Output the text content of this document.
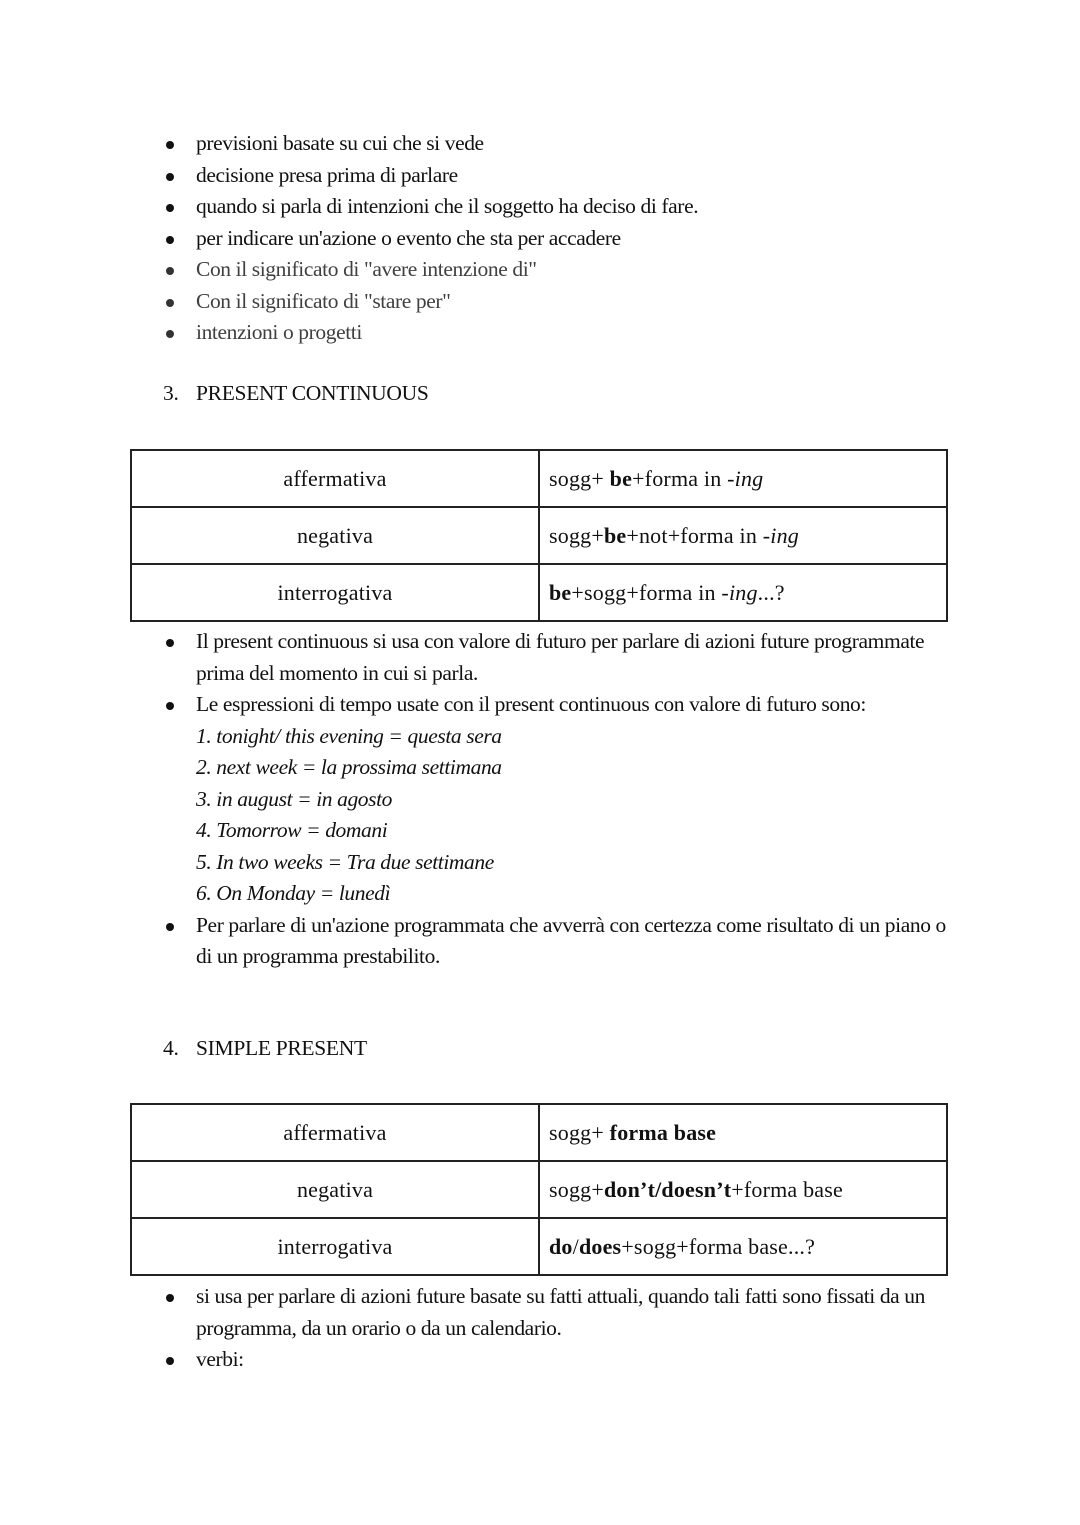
previsioni basate su cui che si vede
decisione presa prima di parlare
quando si parla di intenzioni che il soggetto ha deciso di fare.
per indicare un'azione o evento che sta per accadere
Con il significato di "avere intenzione di"
Con il significato di "stare per"
intenzioni o progetti
3. PRESENT CONTINUOUS
affermativa	sogg+ be+forma in -ing
negativa	sogg+be+not+forma in -ing
interrogativa	be+sogg+forma in -ing...?
Il present continuous si usa con valore di futuro per parlare di azioni future programmate prima del momento in cui si parla.
Le espressioni di tempo usate con il present continuous con valore di futuro sono:
1. tonight/ this evening = questa sera
2. next week = la prossima settimana
3. in august = in agosto
4. Tomorrow = domani
5. In two weeks = Tra due settimane
6. On Monday = lunedì
Per parlare di un'azione programmata che avverrà con certezza come risultato di un piano o di un programma prestabilito.
4. SIMPLE PRESENT
affermativa	sogg+ forma base
negativa	sogg+don’t/doesn’t+forma base
interrogativa	do/does+sogg+forma base...?
si usa per parlare di azioni future basate su fatti attuali, quando tali fatti sono fissati da un programma, da un orario o da un calendario.
verbi:
